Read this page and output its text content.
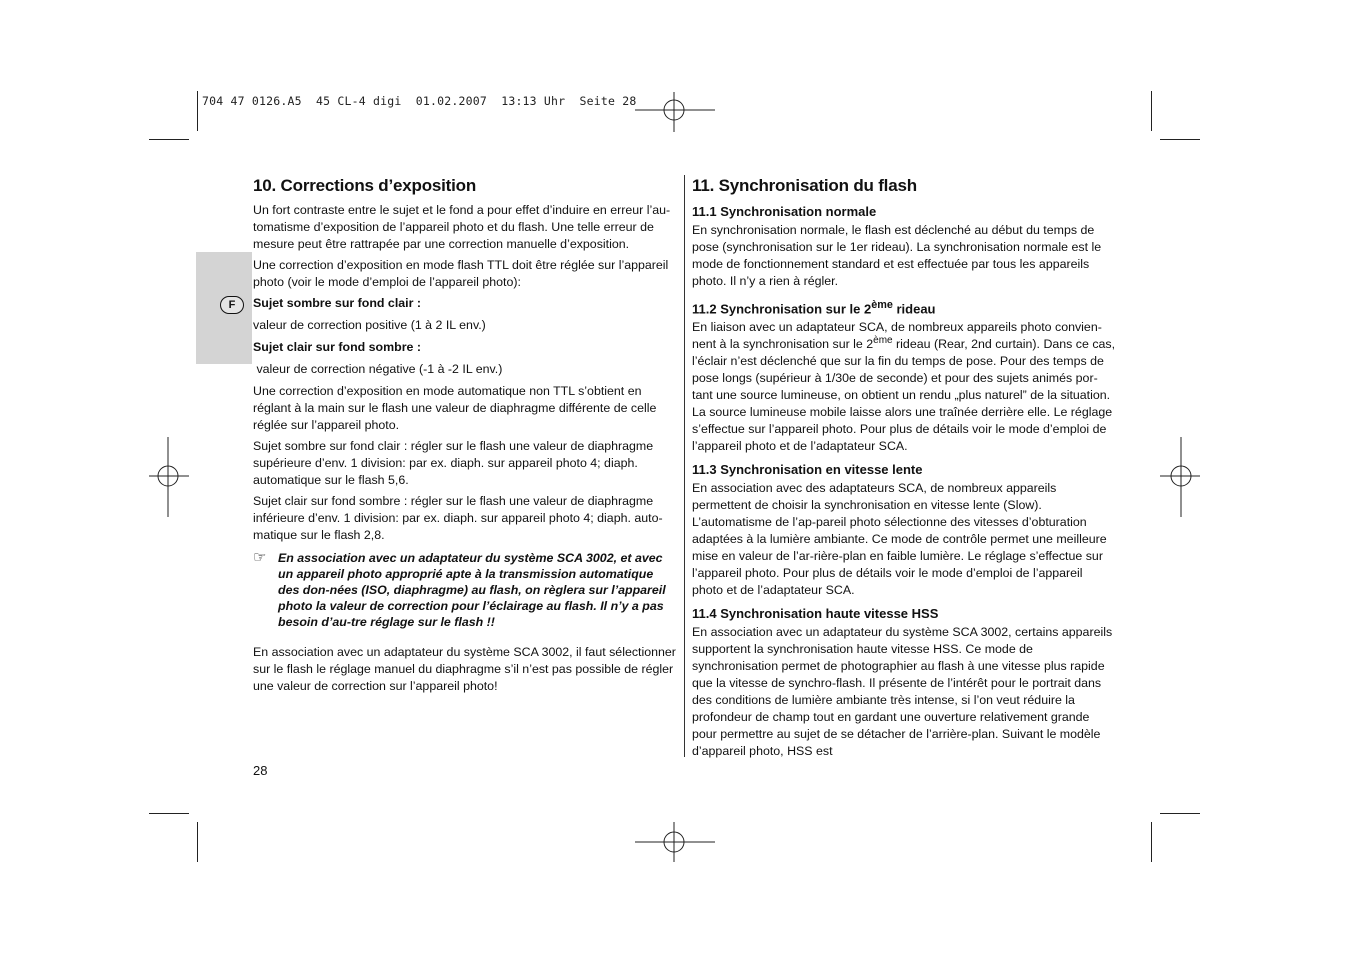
704 47 0126.A5  45 CL-4 digi  01.02.2007  13:13 Uhr  Seite 28
F
10. Corrections d’exposition

Un fort contraste entre le sujet et le fond a pour effet d’induire en erreur l’au-tomatisme d’exposition de l’appareil photo et du flash. Une telle erreur de mesure peut être rattrapée par une correction manuelle d’exposition.

Une correction d’exposition en mode flash TTL doit être réglée sur l’appareil photo (voir le mode d’emploi de l’appareil photo):

Sujet sombre sur fond clair :

valeur de correction positive (1 à 2 IL env.)

Sujet clair sur fond sombre :

valeur de correction négative (-1 à -2 IL env.)

Une correction d’exposition en mode automatique non TTL s’obtient en réglant à la main sur le flash une valeur de diaphragme différente de celle réglée sur l’appareil photo.

Sujet sombre sur fond clair : régler sur le flash une valeur de diaphragme supérieure d’env. 1 division: par ex. diaph. sur appareil photo 4; diaph. automatique sur le flash 5,6.

Sujet clair sur fond sombre : régler sur le flash une valeur de diaphragme inférieure d’env. 1 division: par ex. diaph. sur appareil photo 4; diaph. auto-matique sur le flash 2,8.

☞ En association avec un adaptateur du système SCA 3002, et avec un appareil photo approprié apte à la transmission automatique des don-nées (ISO, diaphragme) au flash, on règlera sur l’appareil photo la valeur de correction pour l’éclairage au flash. Il n’y a pas besoin d’au-tre réglage sur le flash !!

En association avec un adaptateur du système SCA 3002, il faut sélectionner sur le flash le réglage manuel du diaphragme s’il n’est pas possible de régler une valeur de correction sur l’appareil photo!

11. Synchronisation du flash
11.1 Synchronisation normale

En synchronisation normale, le flash est déclenché au début du temps de pose (synchronisation sur le 1er rideau). La synchronisation normale est le mode de fonctionnement standard et est effectuée par tous les appareils photo. Il n’y a rien à régler.

11.2 Synchronisation sur le 2ème rideau

En liaison avec un adaptateur SCA, de nombreux appareils photo convien-nent à la synchronisation sur le 2ème rideau (Rear, 2nd curtain). Dans ce cas, l’éclair n’est déclenché que sur la fin du temps de pose. Pour des temps de pose longs (supérieur à 1/30e de seconde) et pour des sujets animés por-tant une source lumineuse, on obtient un rendu „plus naturel” de la situation. La source lumineuse mobile laisse alors une traînée derrière elle. Le réglage s’effectue sur l’appareil photo. Pour plus de détails voir le mode d’emploi de l’appareil photo et de l’adaptateur SCA.

11.3 Synchronisation en vitesse lente

En association avec des adaptateurs SCA, de nombreux appareils permettent de choisir la synchronisation en vitesse lente (Slow). L’automatisme de l’ap-pareil photo sélectionne des vitesses d’obturation adaptées à la lumière ambiante. Ce mode de contrôle permet une meilleure mise en valeur de l’ar-rière-plan en faible lumière. Le réglage s’effectue sur l’appareil photo. Pour plus de détails voir le mode d’emploi de l’appareil photo et de l’adaptateur SCA.

11.4 Synchronisation haute vitesse HSS

En association avec un adaptateur du système SCA 3002, certains appareils supportent la synchronisation haute vitesse HSS. Ce mode de synchronisation permet de photographier au flash à une vitesse plus rapide que la vitesse de synchro-flash. Il présente de l’intérêt pour le portrait dans des conditions de lumière ambiante très intense, si l’on veut réduire la profondeur de champ tout en gardant une ouverture relativement grande pour permettre au sujet de se détacher de l’arrière-plan. Suivant le modèle d’appareil photo, HSS est

28
